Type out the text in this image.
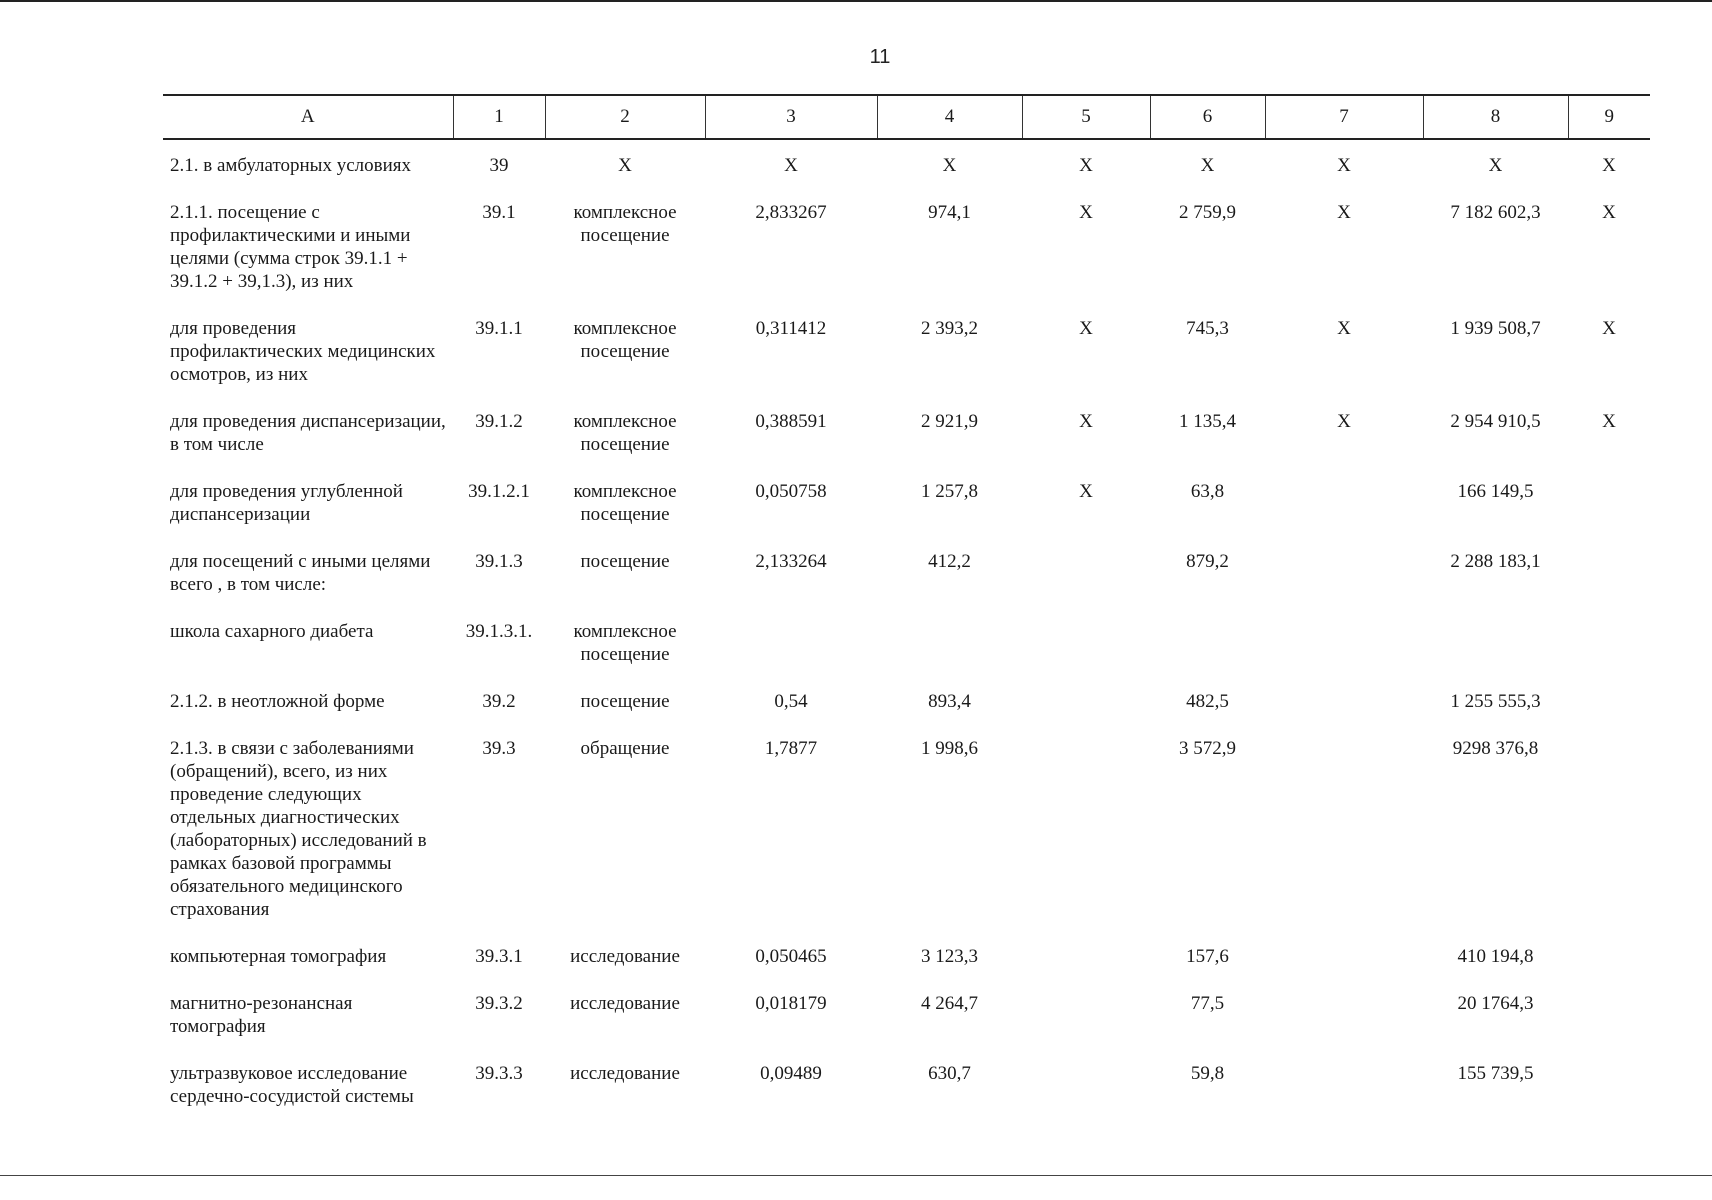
11
А	1	2	3	4	5	6	7	8	9
2.1. в амбулаторных условиях	39	Х	Х	Х	Х	Х	Х	Х	Х
2.1.1. посещение с профилактическими и иными целями (сумма строк 39.1.1 + 39.1.2 + 39,1.3), из них	39.1	комплексное посещение	2,833267	974,1	Х	2 759,9	Х	7 182 602,3	Х
для проведения профилактических медицинских осмотров, из них	39.1.1	комплексное посещение	0,311412	2 393,2	Х	745,3	Х	1 939 508,7	Х
для проведения диспансеризации, в том числе	39.1.2	комплексное посещение	0,388591	2 921,9	Х	1 135,4	Х	2 954 910,5	Х
для проведения углубленной диспансеризации	39.1.2.1	комплексное посещение	0,050758	1 257,8	Х	63,8		166 149,5	
для посещений с иными целями всего , в том числе:	39.1.3	посещение	2,133264	412,2		879,2		2 288 183,1	
школа сахарного диабета	39.1.3.1.	комплексное посещение							
2.1.2. в неотложной форме	39.2	посещение	0,54	893,4		482,5		1 255 555,3	
2.1.3. в связи с заболеваниями (обращений), всего, из них проведение следующих отдельных диагностических (лабораторных) исследований в рамках базовой программы обязательного медицинского страхования	39.3	обращение	1,7877	1 998,6		3 572,9		9298 376,8	
компьютерная томография	39.3.1	исследование	0,050465	3 123,3		157,6		410 194,8	
магнитно-резонансная томография	39.3.2	исследование	0,018179	4 264,7		77,5		20 1764,3	
ультразвуковое исследование сердечно-сосудистой системы	39.3.3	исследование	0,09489	630,7		59,8		155 739,5	
